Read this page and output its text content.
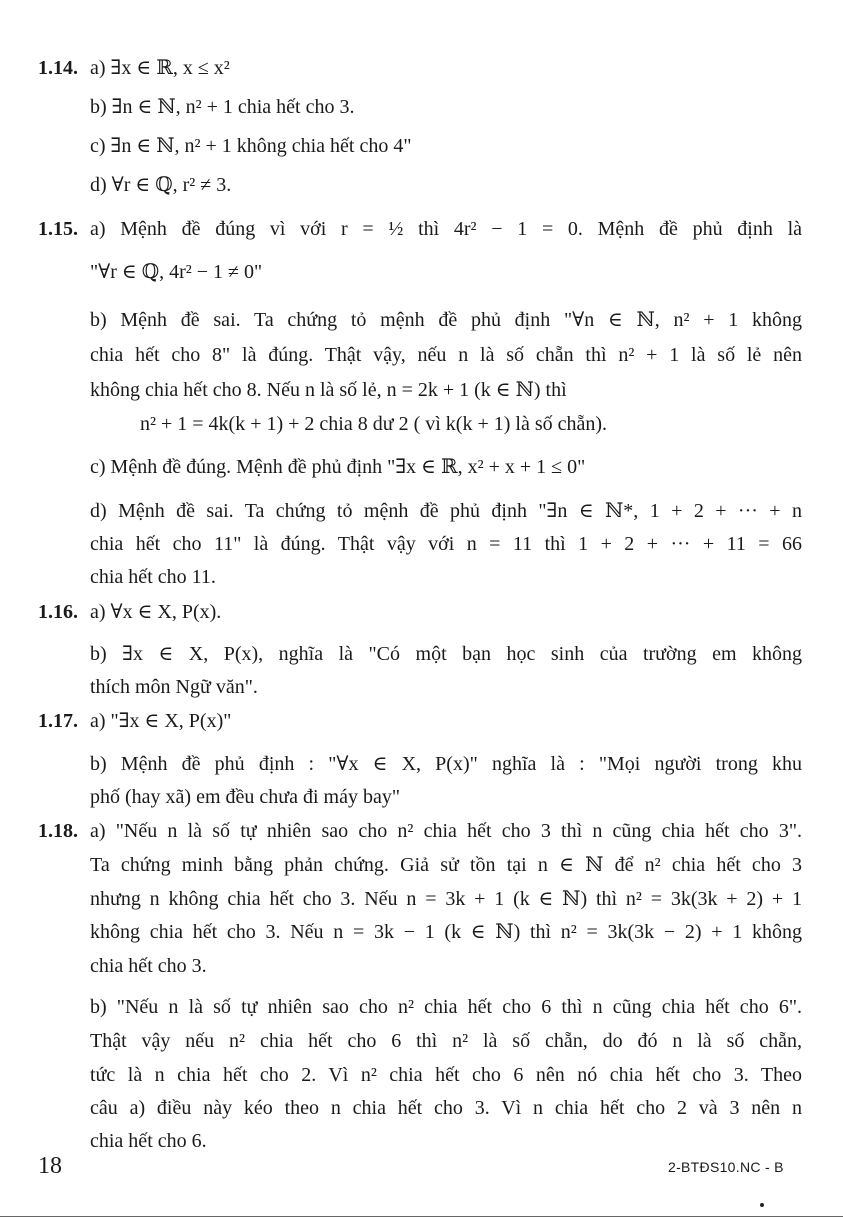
1.14. a) ∃x ∈ ℝ, x ≤ x²
b) ∃n ∈ ℕ, n² + 1 chia hết cho 3.
c) ∃n ∈ ℕ, n² + 1 không chia hết cho 4"
d) ∀r ∈ ℚ, r² ≠ 3.
1.15. a) Mệnh đề đúng vì với r = ½ thì 4r² − 1 = 0. Mệnh đề phủ định là
"∀r ∈ ℚ, 4r² − 1 ≠ 0"
b) Mệnh đề sai. Ta chứng tỏ mệnh đề phủ định "∀n ∈ ℕ, n² + 1 không
chia hết cho 8" là đúng. Thật vậy, nếu n là số chẵn thì n² + 1 là số lẻ nên
không chia hết cho 8. Nếu n là số lẻ, n = 2k + 1 (k ∈ ℕ) thì
n² + 1 = 4k(k + 1) + 2 chia 8 dư 2 ( vì k(k + 1) là số chẵn).
c) Mệnh đề đúng. Mệnh đề phủ định "∃x ∈ ℝ, x² + x + 1 ≤ 0"
d) Mệnh đề sai. Ta chứng tỏ mệnh đề phủ định "∃n ∈ ℕ*, 1 + 2 + ··· + n
chia hết cho 11" là đúng. Thật vậy với n = 11 thì 1 + 2 + ··· + 11 = 66
chia hết cho 11.
1.16. a) ∀x ∈ X, P(x).
b) ∃x ∈ X, P(x), nghĩa là "Có một bạn học sinh của trường em không
thích môn Ngữ văn".
1.17. a) "∃x ∈ X, P(x)"
b) Mệnh đề phủ định : "∀x ∈ X, P(x)" nghĩa là : "Mọi người trong khu
phố (hay xã) em đều chưa đi máy bay"
1.18. a) "Nếu n là số tự nhiên sao cho n² chia hết cho 3 thì n cũng chia hết cho 3".
Ta chứng minh bằng phản chứng. Giả sử tồn tại n ∈ ℕ để n² chia hết cho 3
nhưng n không chia hết cho 3. Nếu n = 3k + 1 (k ∈ ℕ) thì n² = 3k(3k + 2) + 1
không chia hết cho 3. Nếu n = 3k − 1 (k ∈ ℕ) thì n² = 3k(3k − 2) + 1 không
chia hết cho 3.
b) "Nếu n là số tự nhiên sao cho n² chia hết cho 6 thì n cũng chia hết cho 6".
Thật vậy nếu n² chia hết cho 6 thì n² là số chẵn, do đó n là số chẵn,
tức là n chia hết cho 2. Vì n² chia hết cho 6 nên nó chia hết cho 3. Theo
câu a) điều này kéo theo n chia hết cho 3. Vì n chia hết cho 2 và 3 nên n
chia hết cho 6.
18	2-BTĐS10.NC - B
